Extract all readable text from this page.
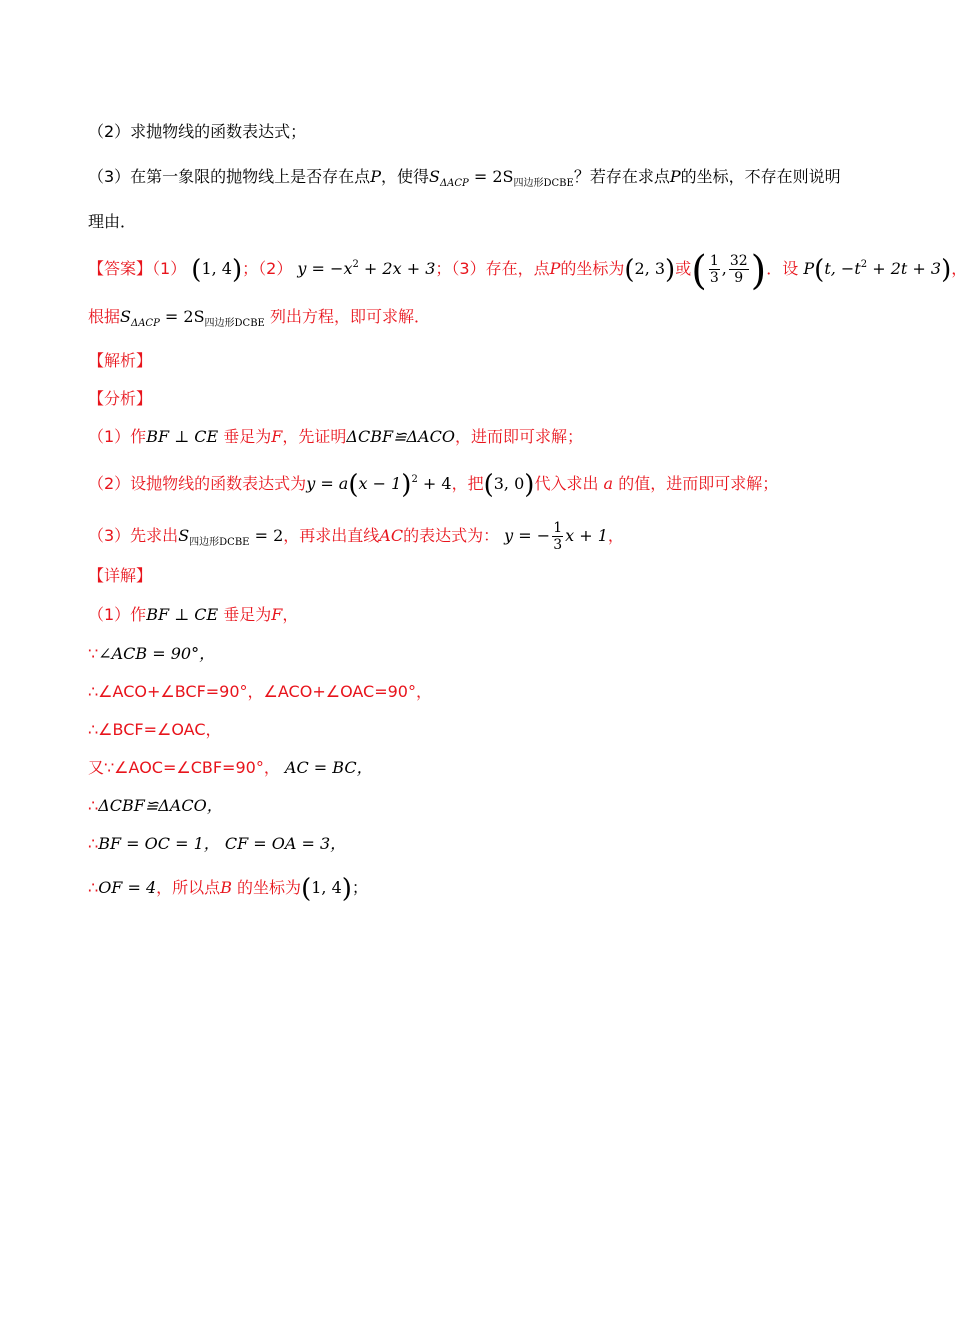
（2）求抛物线的函数表达式；
（3）在第一象限的抛物线上是否存在点P，使得$S_{\Delta ACP} = 2S_{四边形DCBE}$？若存在求点P的坐标，不存在则说明
理由．
【答案】（1） (1, 4)；（2） $y = -x^2 + 2x + 3$；（3）存在，点P的坐标为(2, 3)或( $\frac{1}{3}$ , $\frac{32}{9}$ )．设 P(t, $-t^2 + 2t + 3$)，
根据$S_{\Delta ACP} = 2S_{四边形DCBE}$ 列出方程，即可求解．
【解析】
【分析】
（1）作BF ⊥ CE 垂足为F，先证明ΔCBF≌ΔACO，进而即可求解；
（2）设抛物线的函数表达式为$y = a(x - 1)^2 + 4$，把(3, 0)代入求出 a 的值，进而即可求解；
（3）先求出$S_{四边形DCBE} = 2$，再求出直线AC的表达式为： y = − $\frac{1}{3}$ x + 1，
【详解】
（1）作BF ⊥ CE 垂足为F，
∵∠ACB = 90°，
∴∠ACO+∠BCF=90°，∠ACO+∠OAC=90°，
∴∠BCF=∠OAC，
又∵∠AOC=∠CBF=90°， AC = BC，
∴ΔCBF≌ΔACO，
∴BF = OC = 1， CF = OA = 3，
∴OF = 4，所以点B 的坐标为(1, 4)；
